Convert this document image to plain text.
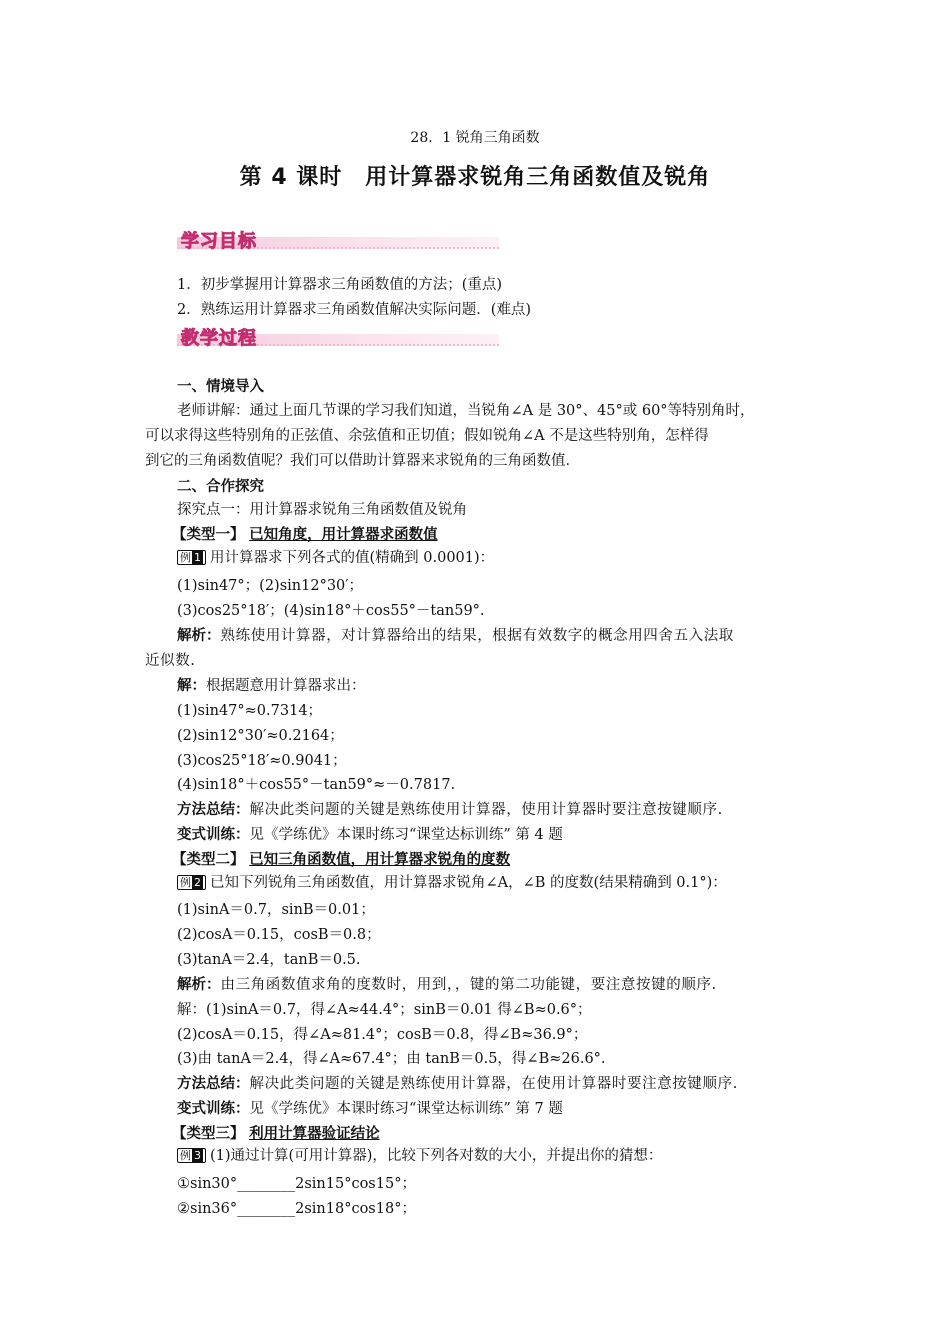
28．1 锐角三角函数
第 4 课时　用计算器求锐角三角函数值及锐角
学习目标
1．初步掌握用计算器求三角函数值的方法；(重点)
2．熟练运用计算器求三角函数值解决实际问题．(难点)
教学过程
一、情境导入
老师讲解：通过上面几节课的学习我们知道，当锐角∠A 是 30°、45°或 60°等特别角时，
可以求得这些特别角的正弦值、余弦值和正切值；假如锐角∠A 不是这些特别角，怎样得
到它的三角函数值呢？我们可以借助计算器来求锐角的三角函数值．
二、合作探究
探究点一：用计算器求锐角三角函数值及锐角
【类型一】 已知角度，用计算器求函数值
例 1 用计算器求下列各式的值(精确到 0.0001)：
(1)sin47°；(2)sin12°30′；
(3)cos25°18′；(4)sin18°＋cos55°－tan59°.
解析：熟练使用计算器，对计算器给出的结果，根据有效数字的概念用四舍五入法取
近似数.
解：根据题意用计算器求出：
(1)sin47°≈0.7314；
(2)sin12°30′≈0.2164；
(3)cos25°18′≈0.9041；
(4)sin18°＋cos55°－tan59°≈－0.7817.
方法总结：解决此类问题的关键是熟练使用计算器，使用计算器时要注意按键顺序.
变式训练：见《学练优》本课时练习“课堂达标训练” 第 4 题
【类型二】 已知三角函数值，用计算器求锐角的度数
例 2 已知下列锐角三角函数值，用计算器求锐角∠A，∠B 的度数(结果精确到 0.1°)：
(1)sinA＝0.7，sinB＝0.01；
(2)cosA＝0.15，cosB＝0.8；
(3)tanA＝2.4，tanB＝0.5.
解析：由三角函数值求角的度数时，用到，，键的第二功能键，要注意按键的顺序.
解：(1)sinA＝0.7，得∠A≈44.4°；sinB＝0.01 得∠B≈0.6°；
(2)cosA＝0.15，得∠A≈81.4°；cosB＝0.8，得∠B≈36.9°；
(3)由 tanA＝2.4，得∠A≈67.4°；由 tanB＝0.5，得∠B≈26.6°.
方法总结：解决此类问题的关键是熟练使用计算器，在使用计算器时要注意按键顺序.
变式训练：见《学练优》本课时练习“课堂达标训练” 第 7 题
【类型三】 利用计算器验证结论
例 3 (1)通过计算(可用计算器)，比较下列各对数的大小，并提出你的猜想：
①sin30°________2sin15°cos15°；
②sin36°________2sin18°cos18°；
